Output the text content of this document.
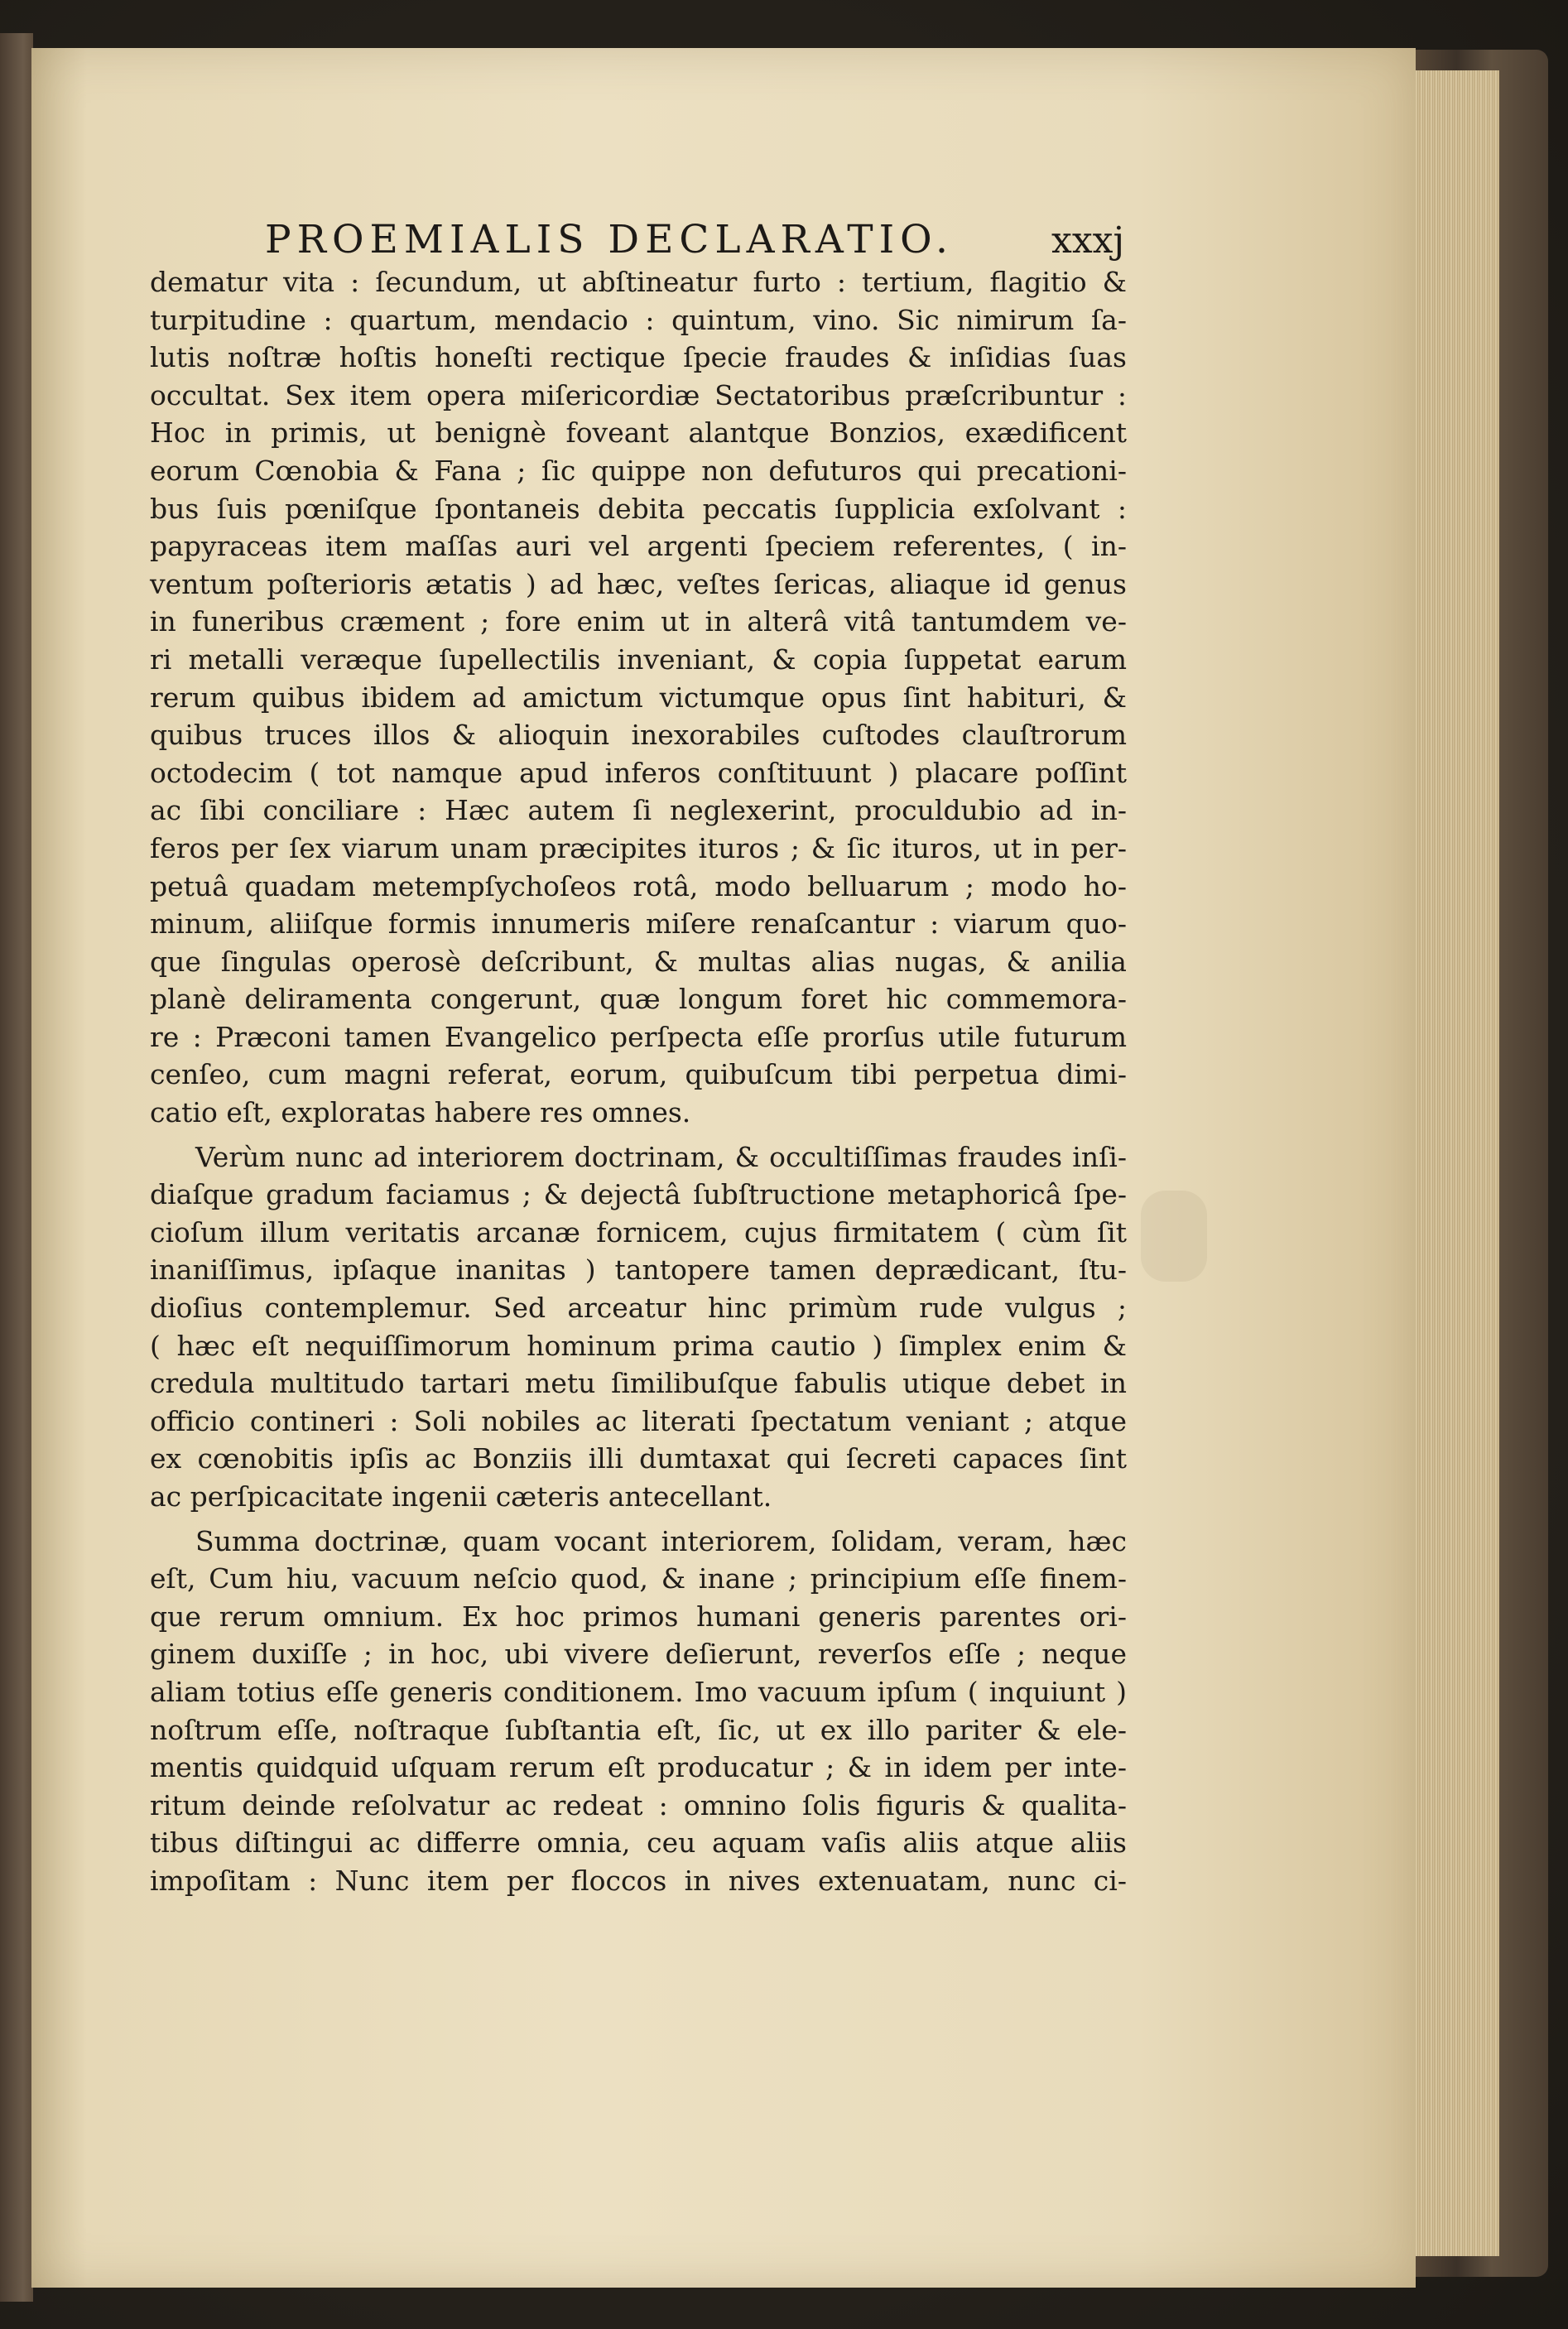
PROEMIALIS DECLARATIO.	xxxj
dematur vita : ſecundum, ut abſtineatur furto : tertium, flagitio &
turpitudine : quartum, mendacio : quintum, vino. Sic nimirum ſa-
lutis noſtræ hoſtis honeſti rectique ſpecie fraudes & inſidias ſuas
occultat. Sex item opera miſericordiæ Sectatoribus præſcribuntur :
Hoc in primis, ut benignè foveant alantque Bonzios, exædificent
eorum Cœnobia & Fana ; ſic quippe non defuturos qui precationi-
bus ſuis pœniſque ſpontaneis debita peccatis ſupplicia exſolvant :
papyraceas item maſſas auri vel argenti ſpeciem referentes, ( in-
ventum poſterioris ætatis ) ad hæc, veſtes ſericas, aliaque id genus
in funeribus cræment ; fore enim ut in alterâ vitâ tantumdem ve-
ri metalli veræque ſupellectilis inveniant, & copia ſuppetat earum
rerum quibus ibidem ad amictum victumque opus ſint habituri, &
quibus truces illos & alioquin inexorabiles cuſtodes clauſtrorum
octodecim ( tot namque apud inferos conſtituunt ) placare poſſint
ac ſibi conciliare : Hæc autem ſi neglexerint, proculdubio ad in-
feros per ſex viarum unam præcipites ituros ; & ſic ituros, ut in per-
petuâ quadam metempſychoſeos rotâ, modo belluarum ; modo ho-
minum, aliiſque formis innumeris miſere renaſcantur : viarum quo-
que ſingulas operosè deſcribunt, & multas alias nugas, & anilia
planè deliramenta congerunt, quæ longum foret hic commemora-
re : Præconi tamen Evangelico perſpecta eſſe prorſus utile futurum
cenſeo, cum magni referat, eorum, quibuſcum tibi perpetua dimi-
catio eſt, exploratas habere res omnes.
Verùm nunc ad interiorem doctrinam, & occultiſſimas fraudes inſi-
diaſque gradum faciamus ; & dejectâ ſubſtructione metaphoricâ ſpe-
cioſum illum veritatis arcanæ fornicem, cujus firmitatem ( cùm ſit
inaniſſimus, ipſaque inanitas ) tantopere tamen deprædicant, ſtu-
dioſius contemplemur. Sed arceatur hinc primùm rude vulgus ;
( hæc eſt nequiſſimorum hominum prima cautio ) ſimplex enim &
credula multitudo tartari metu ſimilibuſque fabulis utique debet in
officio contineri : Soli nobiles ac literati ſpectatum veniant ; atque
ex cœnobitis ipſis ac Bonziis illi dumtaxat qui ſecreti capaces ſint
ac perſpicacitate ingenii cæteris antecellant.
Summa doctrinæ, quam vocant interiorem, ſolidam, veram, hæc
eſt, Cum hiu, vacuum neſcio quod, & inane ; principium eſſe finem-
que rerum omnium. Ex hoc primos humani generis parentes ori-
ginem duxiſſe ; in hoc, ubi vivere deſierunt, reverſos eſſe ; neque
aliam totius eſſe generis conditionem. Imo vacuum ipſum ( inquiunt )
noſtrum eſſe, noſtraque ſubſtantia eſt, ſic, ut ex illo pariter & ele-
mentis quidquid uſquam rerum eſt producatur ; & in idem per inte-
ritum deinde reſolvatur ac redeat : omnino ſolis figuris & qualita-
tibus diſtingui ac differre omnia, ceu aquam vaſis aliis atque aliis
impoſitam : Nunc item per floccos in nives extenuatam, nunc ci-
